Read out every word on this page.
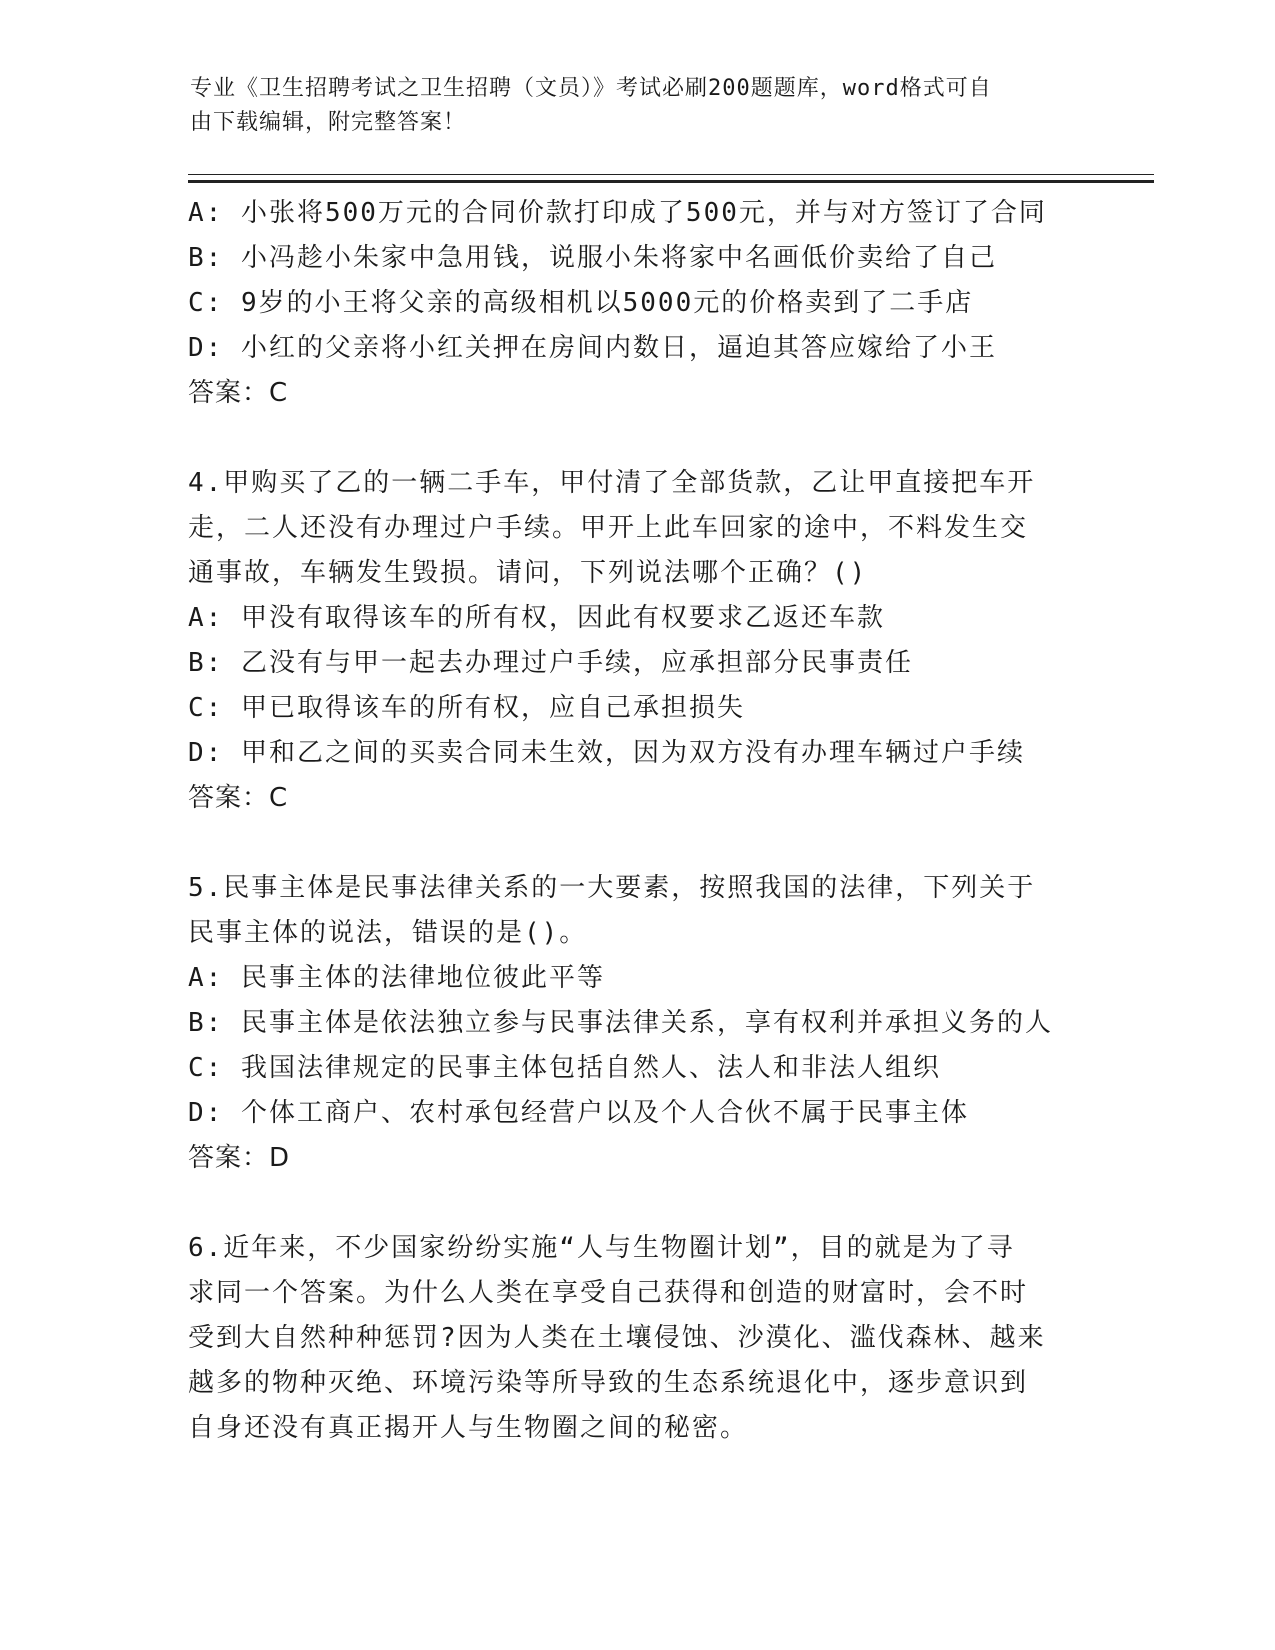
专业《卫生招聘考试之卫生招聘（文员）》考试必刷200题题库，word格式可自
由下载编辑，附完整答案！
A: 小张将500万元的合同价款打印成了500元，并与对方签订了合同
B: 小冯趁小朱家中急用钱，说服小朱将家中名画低价卖给了自己
C: 9岁的小王将父亲的高级相机以5000元的价格卖到了二手店
D: 小红的父亲将小红关押在房间内数日，逼迫其答应嫁给了小王
答案：C
4.甲购买了乙的一辆二手车，甲付清了全部货款，乙让甲直接把车开
走，二人还没有办理过户手续。甲开上此车回家的途中，不料发生交
通事故，车辆发生毁损。请问，下列说法哪个正确？()
A: 甲没有取得该车的所有权，因此有权要求乙返还车款
B: 乙没有与甲一起去办理过户手续，应承担部分民事责任
C: 甲已取得该车的所有权，应自己承担损失
D: 甲和乙之间的买卖合同未生效，因为双方没有办理车辆过户手续
答案：C
5.民事主体是民事法律关系的一大要素，按照我国的法律，下列关于
民事主体的说法，错误的是()。
A: 民事主体的法律地位彼此平等
B: 民事主体是依法独立参与民事法律关系，享有权利并承担义务的人
C: 我国法律规定的民事主体包括自然人、法人和非法人组织
D: 个体工商户、农村承包经营户以及个人合伙不属于民事主体
答案：D
6.近年来，不少国家纷纷实施“人与生物圈计划”，目的就是为了寻
求同一个答案。为什么人类在享受自己获得和创造的财富时，会不时
受到大自然种种惩罚?因为人类在土壤侵蚀、沙漠化、滥伐森林、越来
越多的物种灭绝、环境污染等所导致的生态系统退化中，逐步意识到
自身还没有真正揭开人与生物圈之间的秘密。
